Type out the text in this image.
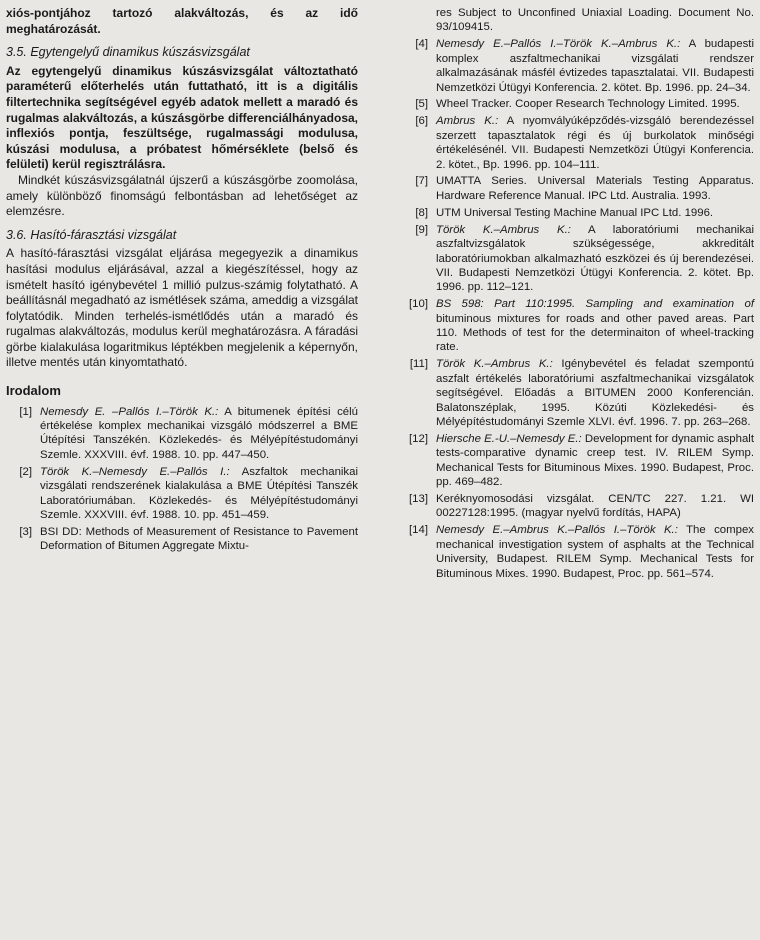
xiós-pontjához tartozó alakváltozás, és az idő meghatározását.

3.5. Egytengelyű dinamikus kúszásvizsgálat

Az egytengelyű dinamikus kúszásvizsgálat változtatható paraméterű előterhelés után futtatható, itt is a digitális filtertechnika segítségével egyéb adatok mellett a maradó és rugalmas alakváltozás, a kúszásgörbe differenciálhányadosa, inflexiós pontja, feszültsége, rugalmassági modulusa, kúszási modulusa, a próbatest hőmérséklete (belső és felületi) kerül regisztrálásra.

Mindkét kúszásvizsgálatnál újszerű a kúszásgörbe zoomolása, amely különböző finomságú felbontásban ad lehetőséget az elemzésre.

3.6. Hasító-fárasztási vizsgálat

A hasító-fárasztási vizsgálat eljárása megegyezik a dinamikus hasítási modulus eljárásával, azzal a kiegészítéssel, hogy az ismételt hasító igénybevétel 1 millió pulzus-számig folytatható. A beállításnál megadható az ismétlések száma, ameddig a vizsgálat folytatódik. Minden terhelés-ismétlődés után a maradó és rugalmas alakváltozás, modulus kerül meghatározásra. A fáradási görbe kialakulása logaritmikus léptékben megjelenik a képernyőn, illetve mentés után kinyomtatható.

Irodalom
[1] Nemesdy E. –Pallós I.–Török K.: A bitumenek építési célú értékelése komplex mechanikai vizsgáló módszerrel a BME Útépítési Tanszékén. Közlekedés- és Mélyépítéstudományi Szemle. XXXVIII. évf. 1988. 10. pp. 447–450.
[2] Török K.–Nemesdy E.–Pallós I.: Aszfaltok mechanikai vizsgálati rendszerének kialakulása a BME Útépítési Tanszék Laboratóriumában. Közlekedés- és Mélyépítéstudományi Szemle. XXXVIII. évf. 1988. 10. pp. 451–459.
[3] BSI DD: Methods of Measurement of Resistance to Pavement Deformation of Bitumen Aggregate Mixtu-
res Subject to Unconfined Uniaxial Loading. Document No. 93/109415.
[4] Nemesdy E.–Pallós I.–Török K.–Ambrus K.: A budapesti komplex aszfaltmechanikai vizsgálati rendszer alkalmazásának másfél évtizedes tapasztalatai. VII. Budapesti Nemzetközi Útügyi Konferencia. 2. kötet. Bp. 1996. pp. 24–34.
[5] Wheel Tracker. Cooper Research Technology Limited. 1995.
[6] Ambrus K.: A nyomvályúképződés-vizsgáló berendezéssel szerzett tapasztalatok régi és új burkolatok minőségi értékelésénél. VII. Budapesti Nemzetközi Útügyi Konferencia. 2. kötet., Bp. 1996. pp. 104–111.
[7] UMATTA Series. Universal Materials Testing Apparatus. Hardware Reference Manual. IPC Ltd. Australia. 1993.
[8] UTM Universal Testing Machine Manual IPC Ltd. 1996.
[9] Török K.–Ambrus K.: A laboratóriumi mechanikai aszfaltvizsgálatok szükségessége, akkreditált laboratóriumokban alkalmazható eszközei és új berendezései. VII. Budapesti Nemzetközi Útügyi Konferencia. 2. kötet. Bp. 1996. pp. 112–121.
[10] BS 598: Part 110:1995. Sampling and examination of bituminous mixtures for roads and other paved areas. Part 110. Methods of test for the determinaiton of wheel-tracking rate.
[11] Török K.–Ambrus K.: Igénybevétel és feladat szempontú aszfalt értékelés laboratóriumi aszfaltmechanikai vizsgálatok segítségével. Előadás a BITUMEN 2000 Konferencián. Balatonszéplak, 1995. Közúti Közlekedési- és Mélyépítéstudományi Szemle XLVI. évf. 1996. 7. pp. 263–268.
[12] Hiersche E.-U.–Nemesdy E.: Development for dynamic asphalt tests-comparative dynamic creep test. IV. RILEM Symp. Mechanical Tests for Bituminous Mixes. 1990. Budapest, Proc. pp. 469–482.
[13] Keréknyomosodási vizsgálat. CEN/TC 227. 1.21. WI 00227128:1995. (magyar nyelvű fordítás, HAPA)
[14] Nemesdy E.–Ambrus K.–Pallós I.–Török K.: The compex mechanical investigation system of asphalts at the Technical University, Budapest. RILEM Symp. Mechanical Tests for Bituminous Mixes. 1990. Budapest, Proc. pp. 561–574.
